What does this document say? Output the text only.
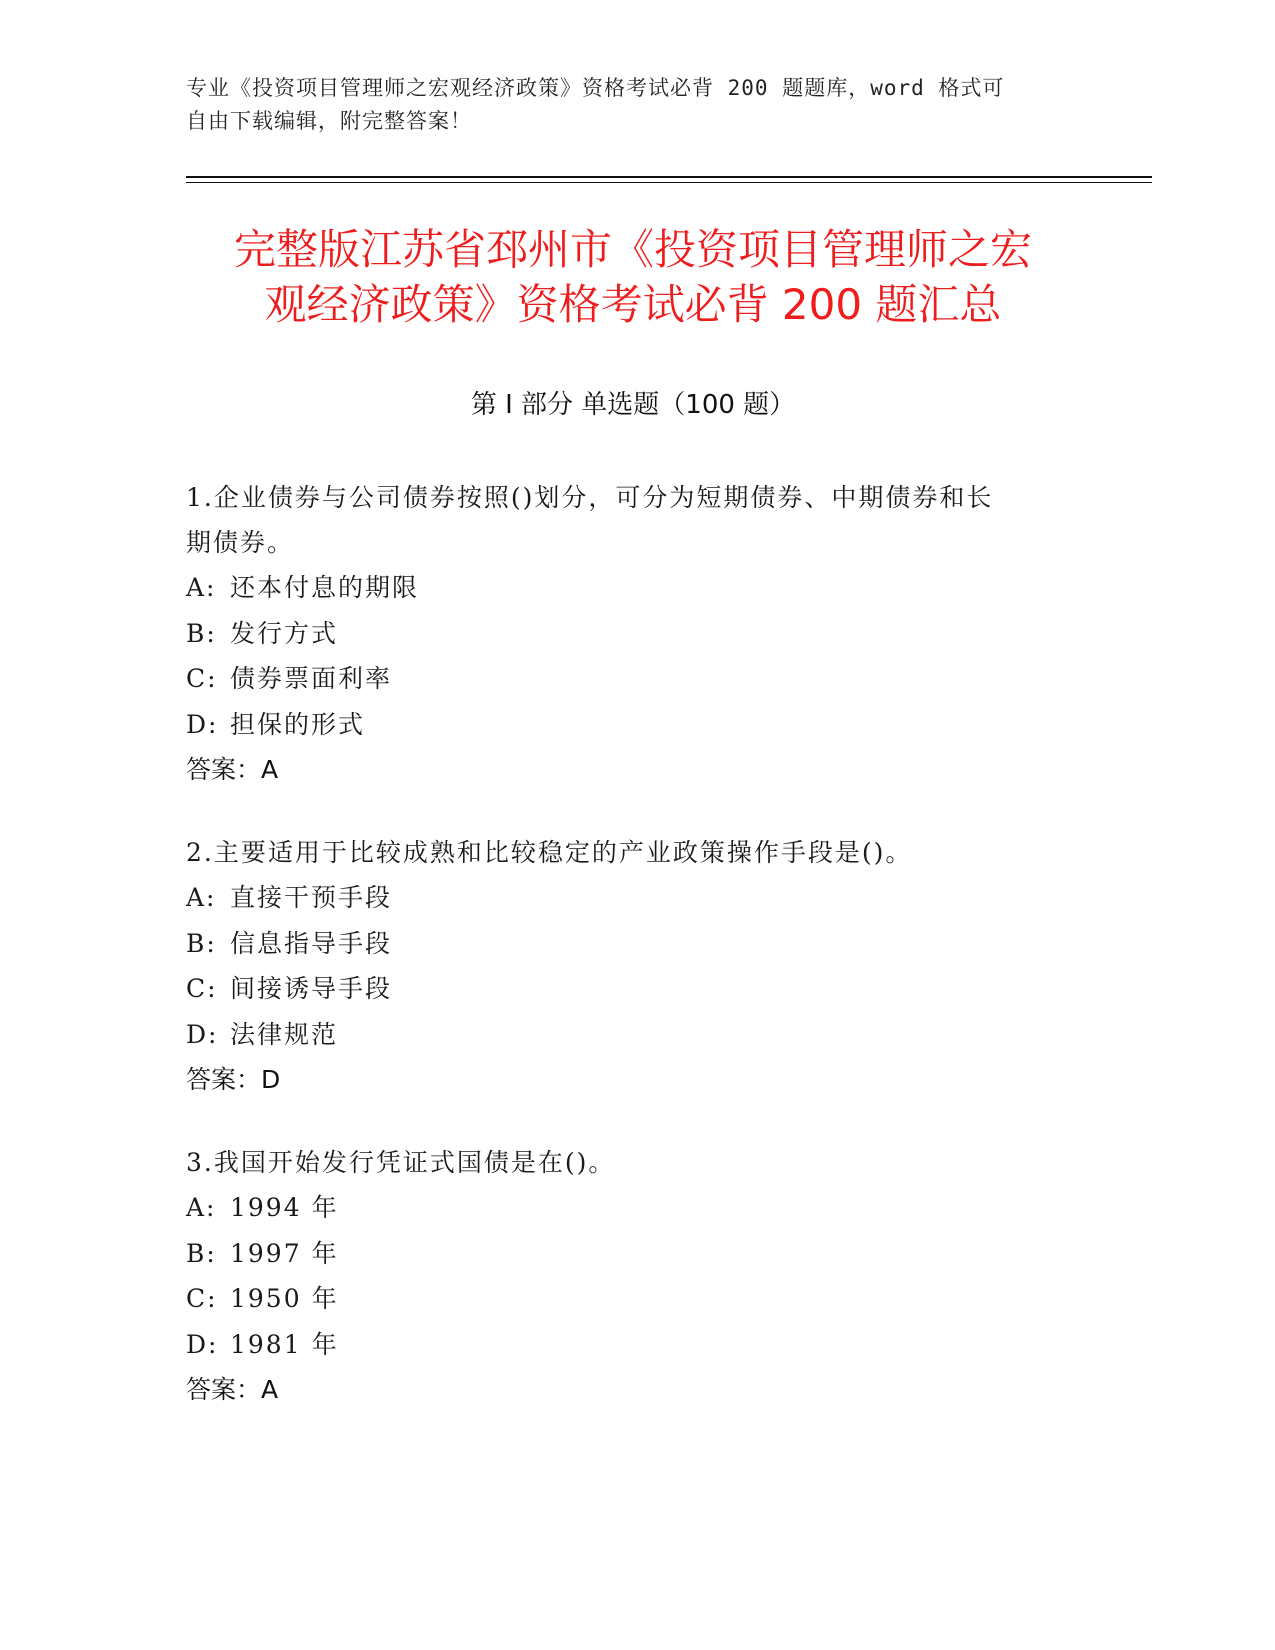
专业《投资项目管理师之宏观经济政策》资格考试必背 200 题题库，word 格式可
自由下载编辑，附完整答案！
完整版江苏省邳州市《投资项目管理师之宏
观经济政策》资格考试必背 200 题汇总
第 I 部分 单选题（100 题）
1.企业债券与公司债券按照()划分，可分为短期债券、中期债券和长
期债券。
A: 还本付息的期限
B: 发行方式
C: 债券票面利率
D: 担保的形式
答案：A
2.主要适用于比较成熟和比较稳定的产业政策操作手段是()。
A: 直接干预手段
B: 信息指导手段
C: 间接诱导手段
D: 法律规范
答案：D
3.我国开始发行凭证式国债是在()。
A: 1994 年
B: 1997 年
C: 1950 年
D: 1981 年
答案：A
